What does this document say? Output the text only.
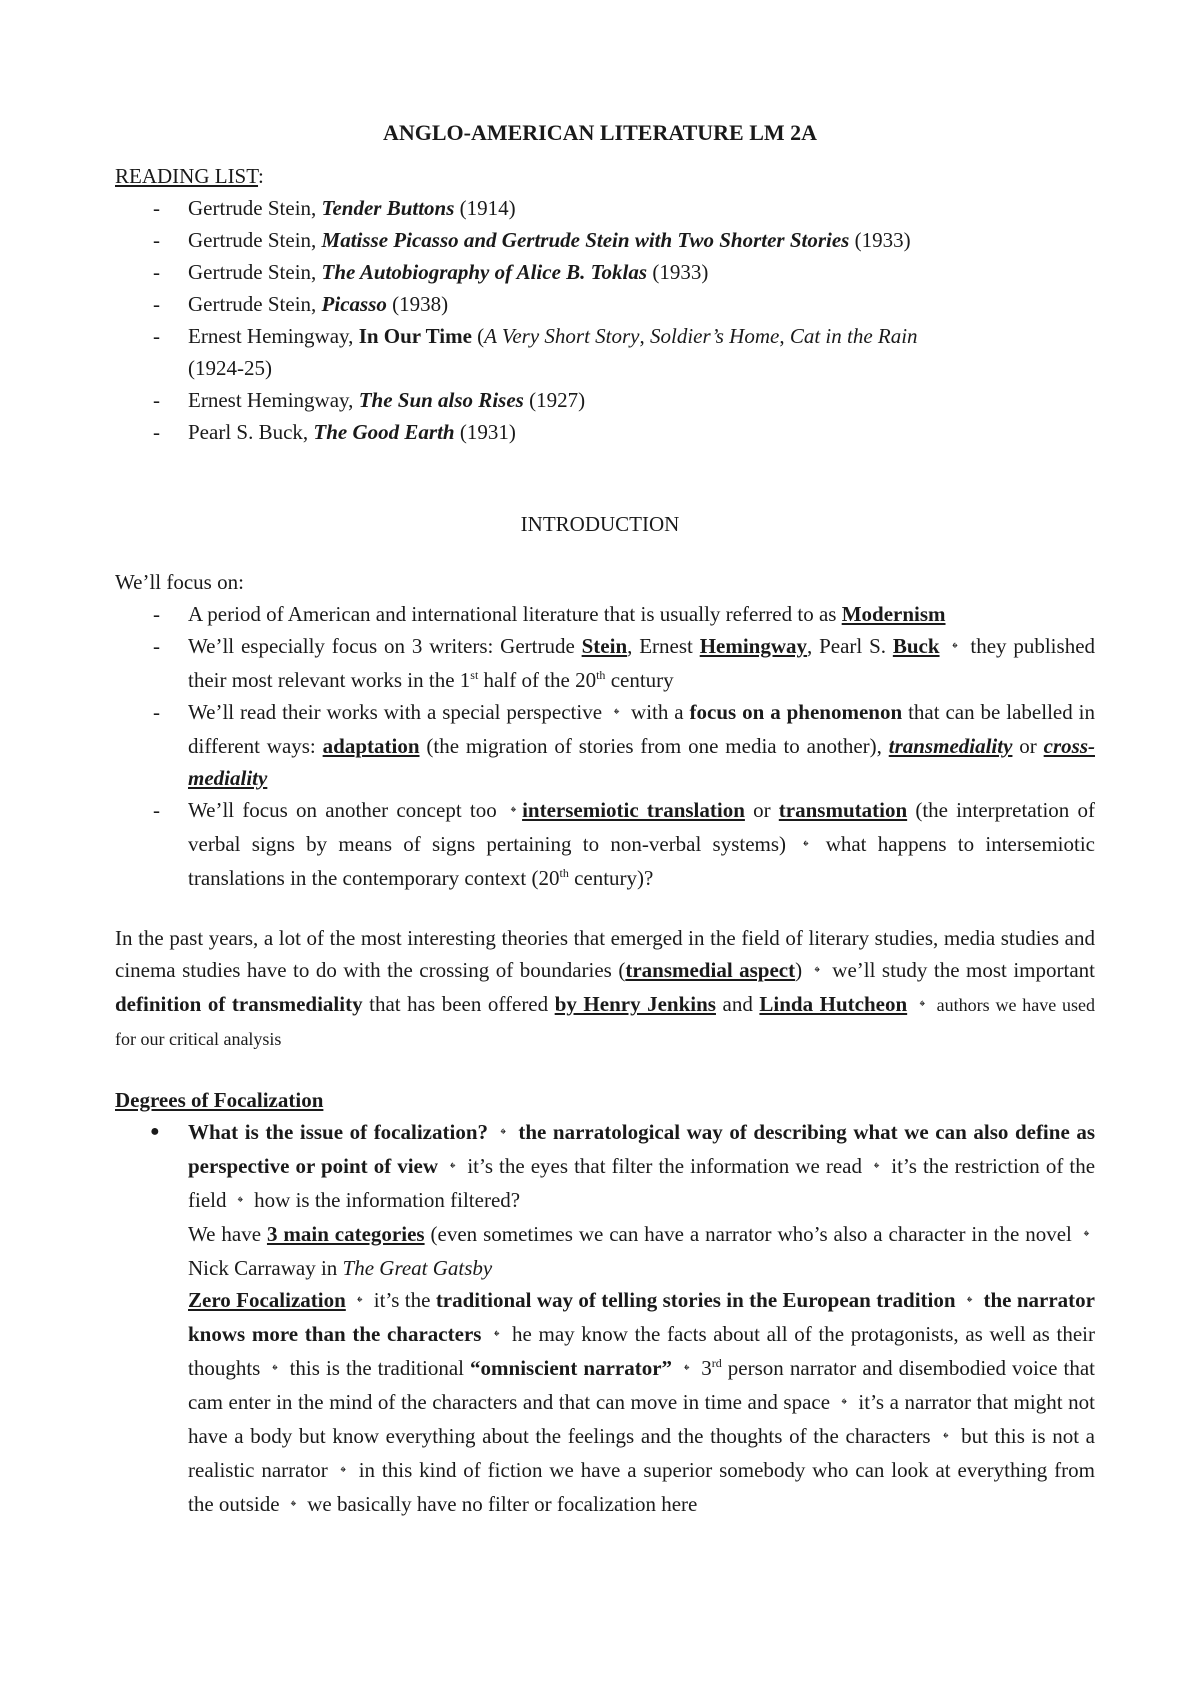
ANGLO-AMERICAN LITERATURE LM 2A
READING LIST:
- Gertrude Stein, Tender Buttons (1914)
- Gertrude Stein, Matisse Picasso and Gertrude Stein with Two Shorter Stories (1933)
- Gertrude Stein, The Autobiography of Alice B. Toklas (1933)
- Gertrude Stein, Picasso (1938)
- Ernest Hemingway, In Our Time (A Very Short Story, Soldier’s Home, Cat in the Rain
(1924-25)
- Ernest Hemingway, The Sun also Rises (1927)
- Pearl S. Buck, The Good Earth (1931)
INTRODUCTION
We’ll focus on:
- A period of American and international literature that is usually referred to as Modernism
- We’ll especially focus on 3 writers: Gertrude Stein, Ernest Hemingway, Pearl S. Buck 𝄌 they published their most relevant works in the 1st half of the 20th century
- We’ll read their works with a special perspective 𝄌 with a focus on a phenomenon that can be labelled in different ways: adaptation (the migration of stories from one media to another), transmediality or cross-mediality
- We’ll focus on another concept too 𝄌 intersemiotic translation or transmutation (the interpretation of verbal signs by means of signs pertaining to non-verbal systems) 𝄌 what happens to intersemiotic translations in the contemporary context (20th century)?

In the past years, a lot of the most interesting theories that emerged in the field of literary studies, media studies and cinema studies have to do with the crossing of boundaries (transmedial aspect) 𝄌 we’ll study the most important definition of transmediality that has been offered by Henry Jenkins and Linda Hutcheon 𝄌 authors we have used for our critical analysis

Degrees of Focalization
● What is the issue of focalization? 𝄌 the narratological way of describing what we can also define as perspective or point of view 𝄌 it’s the eyes that filter the information we read 𝄌 it’s the restriction of the field 𝄌 how is the information filtered?

We have 3 main categories (even sometimes we can have a narrator who’s also a character in the novel 𝄌 Nick Carraway in The Great Gatsby

Zero Focalization 𝄌 it’s the traditional way of telling stories in the European tradition 𝄌 the narrator knows more than the characters 𝄌 he may know the facts about all of the protagonists, as well as their thoughts 𝄌 this is the traditional “omniscient narrator” 𝄌 3rd person narrator and disembodied voice that cam enter in the mind of the characters and that can move in time and space 𝄌 it’s a narrator that might not have a body but know everything about the feelings and the thoughts of the characters 𝄌 but this is not a realistic narrator 𝄌 in this kind of fiction we have a superior somebody who can look at everything from the outside 𝄌 we basically have no filter or focalization here
